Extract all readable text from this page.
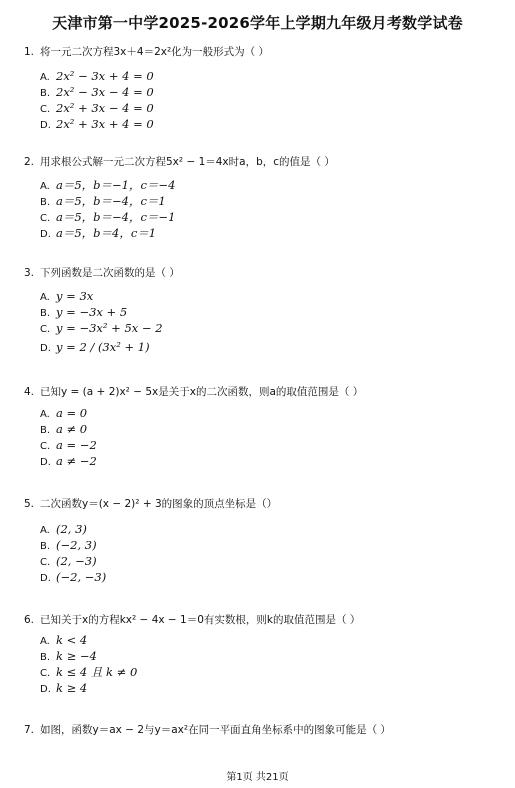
天津市第一中学2025-2026学年上学期九年级月考数学试卷
1. 将一元二次方程3x＋4＝2x²化为一般形式为（ ）
A. 2x² − 3x + 4 = 0
B. 2x² − 3x − 4 = 0
C. 2x² + 3x − 4 = 0
D. 2x² + 3x + 4 = 0
2. 用求根公式解一元二次方程5x² − 1＝4x时a，b，c的值是（ ）
A. a＝5，b＝−1，c＝−4
B. a＝5，b＝−4，c＝1
C. a＝5，b＝−4，c＝−1
D. a＝5，b＝4，c＝1
3. 下列函数是二次函数的是（ ）
A. y = 3x
B. y = −3x + 5
C. y = −3x² + 5x − 2
D. y = 2 / (3x² + 1)
4. 已知y = (a + 2)x² − 5x是关于x的二次函数，则a的取值范围是（ ）
A. a = 0
B. a ≠ 0
C. a = −2
D. a ≠ −2
5. 二次函数y＝(x − 2)² + 3的图象的顶点坐标是（）
A. (2, 3)
B. (−2, 3)
C. (2, −3)
D. (−2, −3)
6. 已知关于x的方程kx² − 4x − 1＝0有实数根，则k的取值范围是（ ）
A. k < 4
B. k ≥ −4
C. k ≤ 4 且 k ≠ 0
D. k ≥ 4
7. 如图，函数y＝ax − 2与y＝ax²在同一平面直角坐标系中的图象可能是（ ）
第1页 共21页
